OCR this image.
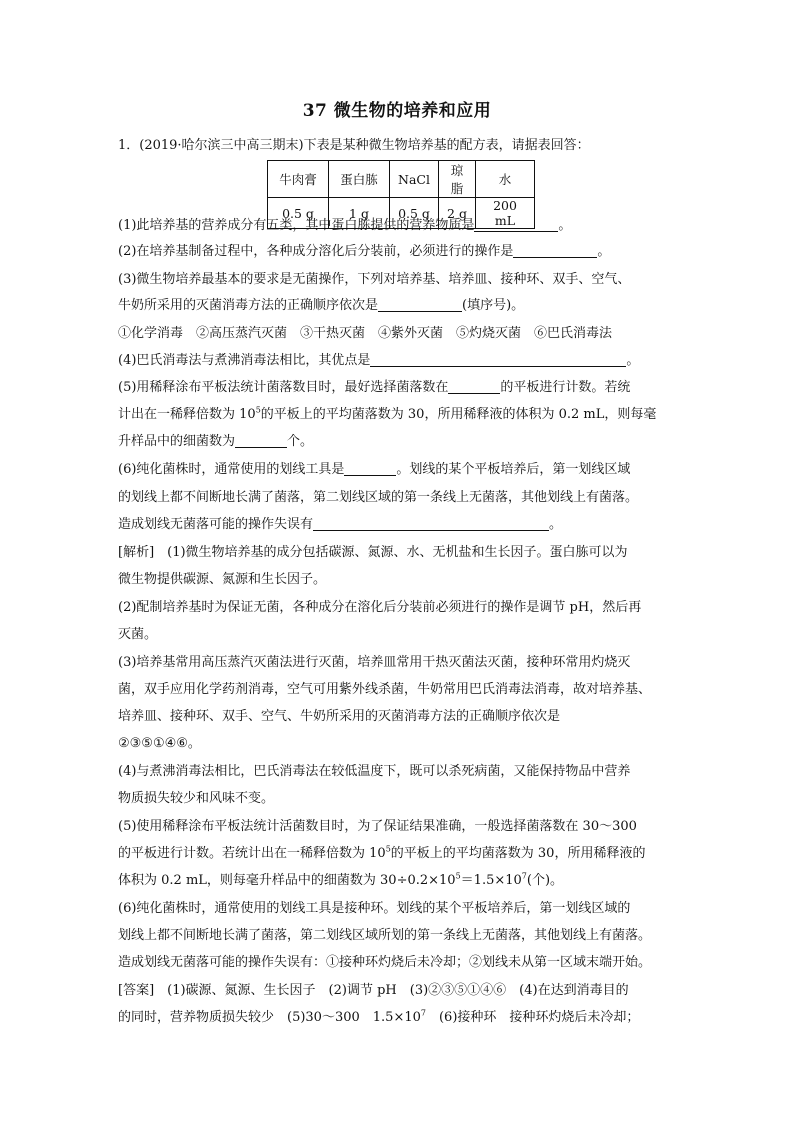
37 微生物的培养和应用
1．(2019·哈尔滨三中高三期末)下表是某种微生物培养基的配方表，请据表回答：
牛肉膏	蛋白胨	NaCl	琼脂	水
0.5 g	1 g	0.5 g	2 g	200 mL
(1)此培养基的营养成分有五类，其中蛋白胨提供的营养物质是	。
(2)在培养基制备过程中，各种成分溶化后分装前，必须进行的操作是	。
(3)微生物培养最基本的要求是无菌操作，下列对培养基、培养皿、接种环、双手、空气、
牛奶所采用的灭菌消毒方法的正确顺序依次是	(填序号)。
①化学消毒　②高压蒸汽灭菌　③干热灭菌　④紫外灭菌　⑤灼烧灭菌　⑥巴氏消毒法
(4)巴氏消毒法与煮沸消毒法相比，其优点是	。
(5)用稀释涂布平板法统计菌落数目时，最好选择菌落数在	的平板进行计数。若统
计出在一稀释倍数为 $10^5$的平板上的平均菌落数为 30，所用稀释液的体积为 0.2 mL，则每毫
升样品中的细菌数为	个。
(6)纯化菌株时，通常使用的划线工具是	。划线的某个平板培养后，第一划线区域
的划线上都不间断地长满了菌落，第二划线区域的第一条线上无菌落，其他划线上有菌落。
造成划线无菌落可能的操作失误有	。
[解析]　(1)微生物培养基的成分包括碳源、氮源、水、无机盐和生长因子。蛋白胨可以为
微生物提供碳源、氮源和生长因子。
(2)配制培养基时为保证无菌，各种成分在溶化后分装前必须进行的操作是调节 pH，然后再
灭菌。
(3)培养基常用高压蒸汽灭菌法进行灭菌，培养皿常用干热灭菌法灭菌，接种环常用灼烧灭
菌，双手应用化学药剂消毒，空气可用紫外线杀菌，牛奶常用巴氏消毒法消毒，故对培养基、
培养皿、接种环、双手、空气、牛奶所采用的灭菌消毒方法的正确顺序依次是
②③⑤①④⑥。
(4)与煮沸消毒法相比，巴氏消毒法在较低温度下，既可以杀死病菌，又能保持物品中营养
物质损失较少和风味不变。
(5)使用稀释涂布平板法统计活菌数目时，为了保证结果准确，一般选择菌落数在 30～300
的平板进行计数。若统计出在一稀释倍数为 $10^5$的平板上的平均菌落数为 30，所用稀释液的
体积为 0.2 mL，则每毫升样品中的细菌数为 $30\div 0.2\times 10^5=1.5\times 10^7$(个)。
(6)纯化菌株时，通常使用的划线工具是接种环。划线的某个平板培养后，第一划线区域的
划线上都不间断地长满了菌落，第二划线区域所划的第一条线上无菌落，其他划线上有菌落。
造成划线无菌落可能的操作失误有：①接种环灼烧后未冷却；②划线未从第一区域末端开始。
[答案]　(1)碳源、氮源、生长因子　(2)调节 pH　(3)②③⑤①④⑥　(4)在达到消毒目的
的同时，营养物质损失较少　(5)30～300　$1.5\times 10^7$　(6)接种环　接种环灼烧后未冷却；
